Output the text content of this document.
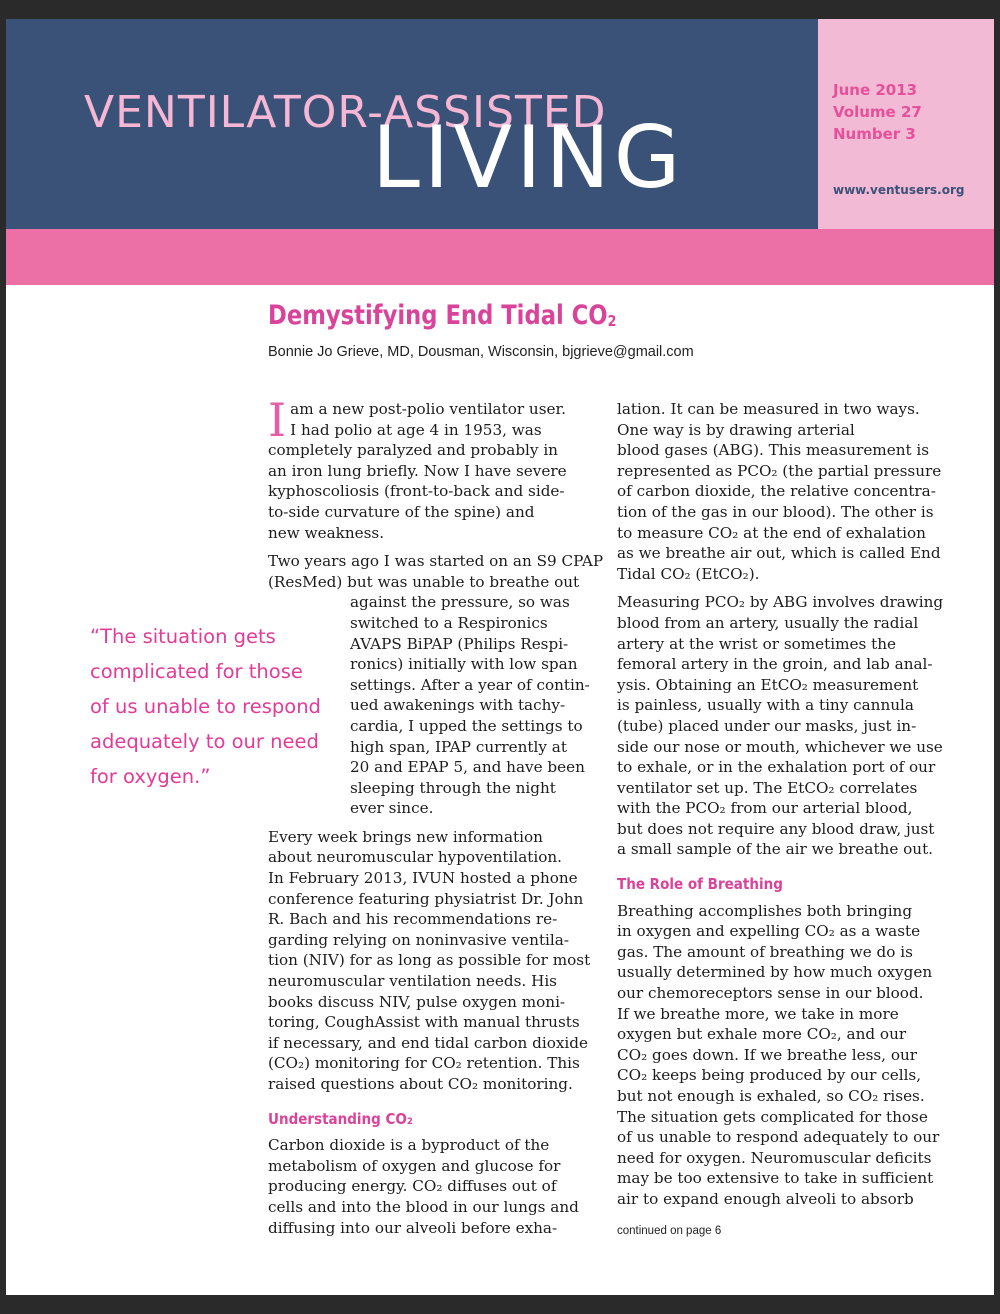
VENTILATOR-ASSISTED
LIVING
June 2013
Volume 27
Number 3
www.ventusers.org
Demystifying End Tidal $CO_2$
Bonnie Jo Grieve, MD, Dousman, Wisconsin, bjgrieve@gmail.com

I am a new post-polio ventilator user.
I had polio at age 4 in 1953, was
completely paralyzed and probably in
an iron lung briefly. Now I have severe
kyphoscoliosis (front-to-back and side-
to-side curvature of the spine) and
new weakness.

Two years ago I was started on an S9 CPAP
(ResMed) but was unable to breathe out
against the pressure, so was
switched to a Respironics
AVAPS BiPAP (Philips Respi-
ronics) initially with low span
settings. After a year of contin-
ued awakenings with tachy-
cardia, I upped the settings to
high span, IPAP currently at
20 and EPAP 5, and have been
sleeping through the night
ever since.

Every week brings new information
about neuromuscular hypoventilation.
In February 2013, IVUN hosted a phone
conference featuring physiatrist Dr. John
R. Bach and his recommendations re-
garding relying on noninvasive ventila-
tion (NIV) for as long as possible for most
neuromuscular ventilation needs. His
books discuss NIV, pulse oxygen moni-
toring, CoughAssist with manual thrusts
if necessary, and end tidal carbon dioxide
(CO₂) monitoring for CO₂ retention. This
raised questions about CO₂ monitoring.

Understanding CO₂

Carbon dioxide is a byproduct of the
metabolism of oxygen and glucose for
producing energy. CO₂ diffuses out of
cells and into the blood in our lungs and
diffusing into our alveoli before exha-

lation. It can be measured in two ways.
One way is by drawing arterial
blood gases (ABG). This measurement is
represented as PCO₂ (the partial pressure
of carbon dioxide, the relative concentra-
tion of the gas in our blood). The other is
to measure CO₂ at the end of exhalation
as we breathe air out, which is called End
Tidal CO₂ (EtCO₂).

Measuring PCO₂ by ABG involves drawing
blood from an artery, usually the radial
artery at the wrist or sometimes the
femoral artery in the groin, and lab anal-
ysis. Obtaining an EtCO₂ measurement
is painless, usually with a tiny cannula
(tube) placed under our masks, just in-
side our nose or mouth, whichever we use
to exhale, or in the exhalation port of our
ventilator set up. The EtCO₂ correlates
with the PCO₂ from our arterial blood,
but does not require any blood draw, just
a small sample of the air we breathe out.

The Role of Breathing

Breathing accomplishes both bringing
in oxygen and expelling CO₂ as a waste
gas. The amount of breathing we do is
usually determined by how much oxygen
our chemoreceptors sense in our blood.
If we breathe more, we take in more
oxygen but exhale more CO₂, and our
CO₂ goes down. If we breathe less, our
CO₂ keeps being produced by our cells,
but not enough is exhaled, so CO₂ rises.
The situation gets complicated for those
of us unable to respond adequately to our
need for oxygen. Neuromuscular deficits
may be too extensive to take in sufficient
air to expand enough alveoli to absorb

“The situation gets
complicated for those
of us unable to respond
adequately to our need
for oxygen.”
continued on page 6
